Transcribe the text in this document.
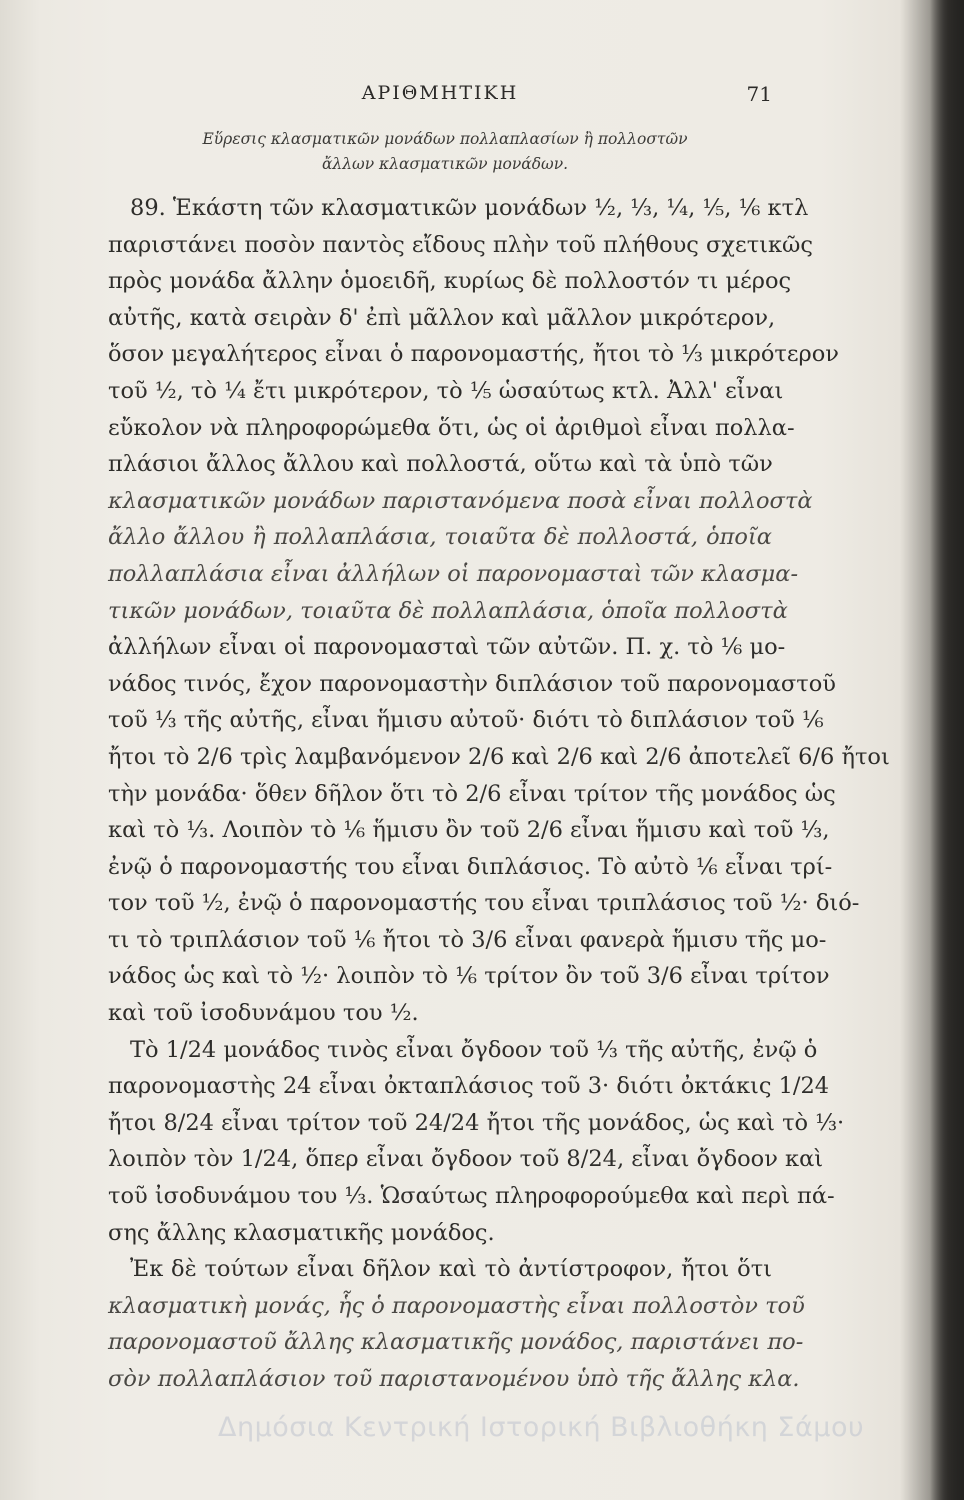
ΑΡΙΘΜΗΤΙΚΗ	71
Εὕρεσις κλασματικῶν μονάδων πολλαπλασίων ἢ πολλοστῶν
ἄλλων κλασματικῶν μονάδων.
89. Ἑκάστη τῶν κλασματικῶν μονάδων ½, ⅓, ¼, ⅕, ⅙ κτλ
παριστάνει ποσὸν παντὸς εἴδους πλὴν τοῦ πλήθους σχετικῶς
πρὸς μονάδα ἄλλην ὁμοειδῆ, κυρίως δὲ πολλοστόν τι μέρος
αὐτῆς, κατὰ σειρὰν δ' ἐπὶ μᾶλλον καὶ μᾶλλον μικρότερον,
ὅσον μεγαλήτερος εἶναι ὁ παρονομαστής, ἤτοι τὸ ⅓ μικρότερον
τοῦ ½, τὸ ¼ ἔτι μικρότερον, τὸ ⅕ ὡσαύτως κτλ. Ἀλλ' εἶναι
εὔκολον νὰ πληροφορώμεθα ὅτι, ὡς οἱ ἀριθμοὶ εἶναι πολλα-
πλάσιοι ἄλλος ἄλλου καὶ πολλοστά, οὕτω καὶ τὰ ὑπὸ τῶν
κλασματικῶν μονάδων παριστανόμενα ποσὰ εἶναι πολλοστὰ
ἄλλο ἄλλου ἢ πολλαπλάσια, τοιαῦτα δὲ πολλοστά, ὁποῖα
πολλαπλάσια εἶναι ἀλλήλων οἱ παρονομασταὶ τῶν κλασμα-
τικῶν μονάδων, τοιαῦτα δὲ πολλαπλάσια, ὁποῖα πολλοστὰ
ἀλλήλων εἶναι οἱ παρονομασταὶ τῶν αὐτῶν. Π. χ. τὸ ⅙ μο-
νάδος τινός, ἔχον παρονομαστὴν διπλάσιον τοῦ παρονομαστοῦ
τοῦ ⅓ τῆς αὐτῆς, εἶναι ἥμισυ αὐτοῦ· διότι τὸ διπλάσιον τοῦ ⅙
ἤτοι τὸ 2/6 τρὶς λαμβανόμενον 2/6 καὶ 2/6 καὶ 2/6 ἀποτελεῖ 6/6 ἤτοι
τὴν μονάδα· ὅθεν δῆλον ὅτι τὸ 2/6 εἶναι τρίτον τῆς μονάδος ὡς
καὶ τὸ ⅓. Λοιπὸν τὸ ⅙ ἥμισυ ὂν τοῦ 2/6 εἶναι ἥμισυ καὶ τοῦ ⅓,
ἐνῷ ὁ παρονομαστής του εἶναι διπλάσιος. Τὸ αὐτὸ ⅙ εἶναι τρί-
τον τοῦ ½, ἐνῷ ὁ παρονομαστής του εἶναι τριπλάσιος τοῦ ½· διό-
τι τὸ τριπλάσιον τοῦ ⅙ ἤτοι τὸ 3/6 εἶναι φανερὰ ἥμισυ τῆς μο-
νάδος ὡς καὶ τὸ ½· λοιπὸν τὸ ⅙ τρίτον ὂν τοῦ 3/6 εἶναι τρίτον
καὶ τοῦ ἰσοδυνάμου του ½.
Τὸ 1/24 μονάδος τινὸς εἶναι ὄγδοον τοῦ ⅓ τῆς αὐτῆς, ἐνῷ ὁ
παρονομαστὴς 24 εἶναι ὀκταπλάσιος τοῦ 3· διότι ὀκτάκις 1/24
ἤτοι 8/24 εἶναι τρίτον τοῦ 24/24 ἤτοι τῆς μονάδος, ὡς καὶ τὸ ⅓·
λοιπὸν τὸν 1/24, ὅπερ εἶναι ὄγδοον τοῦ 8/24, εἶναι ὄγδοον καὶ
τοῦ ἰσοδυνάμου του ⅓. Ὡσαύτως πληροφορούμεθα καὶ περὶ πά-
σης ἄλλης κλασματικῆς μονάδος.
Ἐκ δὲ τούτων εἶναι δῆλον καὶ τὸ ἀντίστροφον, ἤτοι ὅτι
κλασματικὴ μονάς, ἧς ὁ παρονομαστὴς εἶναι πολλοστὸν τοῦ
παρονομαστοῦ ἄλλης κλασματικῆς μονάδος, παριστάνει πο-
σὸν πολλαπλάσιον τοῦ παριστανομένου ὑπὸ τῆς ἄλλης κλα.
Δημόσια Κεντρική Ιστορική Βιβλιοθήκη Σάμου
